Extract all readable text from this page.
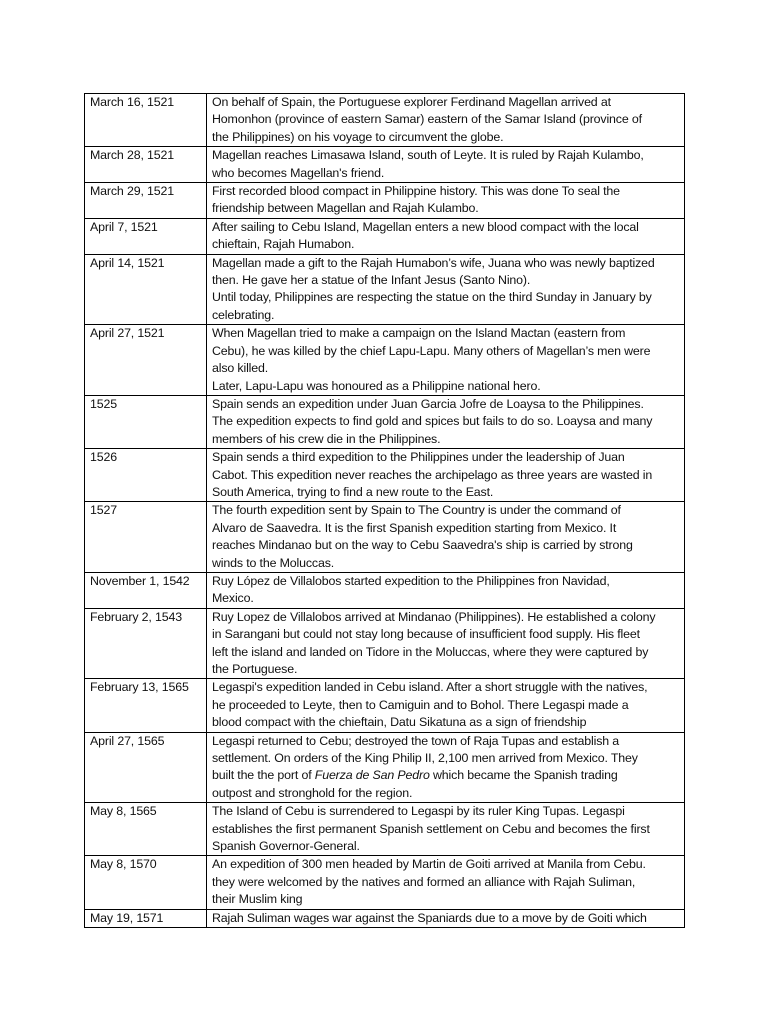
March 16, 1521	On behalf of Spain, the Portuguese explorer Ferdinand Magellan arrived at
Homonhon (province of eastern Samar) eastern of the Samar Island (province of
the Philippines) on his voyage to circumvent the globe.

March 28, 1521	Magellan reaches Limasawa Island, south of Leyte. It is ruled by Rajah Kulambo,
who becomes Magellan's friend.

March 29, 1521	First recorded blood compact in Philippine history. This was done To seal the
friendship between Magellan and Rajah Kulambo.

April 7, 1521	After sailing to Cebu Island, Magellan enters a new blood compact with the local
chieftain, Rajah Humabon.

April 14, 1521	Magellan made a gift to the Rajah Humabon’s wife, Juana who was newly baptized
then. He gave her a statue of the Infant Jesus (Santo Nino).
Until today, Philippines are respecting the statue on the third Sunday in January by
celebrating.

April 27, 1521	When Magellan tried to make a campaign on the Island Mactan (eastern from
Cebu), he was killed by the chief Lapu-Lapu. Many others of Magellan’s men were
also killed.
Later, Lapu-Lapu was honoured as a Philippine national hero.

1525	Spain sends an expedition under Juan Garcia Jofre de Loaysa to the Philippines.
The expedition expects to find gold and spices but fails to do so. Loaysa and many
members of his crew die in the Philippines.

1526	Spain sends a third expedition to the Philippines under the leadership of Juan
Cabot. This expedition never reaches the archipelago as three years are wasted in
South America, trying to find a new route to the East.

1527	The fourth expedition sent by Spain to The Country is under the command of
Alvaro de Saavedra. It is the first Spanish expedition starting from Mexico. It
reaches Mindanao but on the way to Cebu Saavedra's ship is carried by strong
winds to the Moluccas.

November 1, 1542	Ruy López de Villalobos started expedition to the Philippines fron Navidad,
Mexico.

February 2, 1543	Ruy Lopez de Villalobos arrived at Mindanao (Philippines). He established a colony
in Sarangani but could not stay long because of insufficient food supply. His fleet
left the island and landed on Tidore in the Moluccas, where they were captured by
the Portuguese.

February 13, 1565	Legaspi's expedition landed in Cebu island. After a short struggle with the natives,
he proceeded to Leyte, then to Camiguin and to Bohol. There Legaspi made a
blood compact with the chieftain, Datu Sikatuna as a sign of friendship

April 27, 1565	Legaspi returned to Cebu; destroyed the town of Raja Tupas and establish a
settlement. On orders of the King Philip II, 2,100 men arrived from Mexico. They
built the the port of Fuerza de San Pedro which became the Spanish trading
outpost and stronghold for the region.

May 8, 1565	The Island of Cebu is surrendered to Legaspi by its ruler King Tupas. Legaspi
establishes the first permanent Spanish settlement on Cebu and becomes the first
Spanish Governor-General.

May 8, 1570	An expedition of 300 men headed by Martin de Goiti arrived at Manila from Cebu.
they were welcomed by the natives and formed an alliance with Rajah Suliman,
their Muslim king

May 19, 1571	Rajah Suliman wages war against the Spaniards due to a move by de Goiti which
